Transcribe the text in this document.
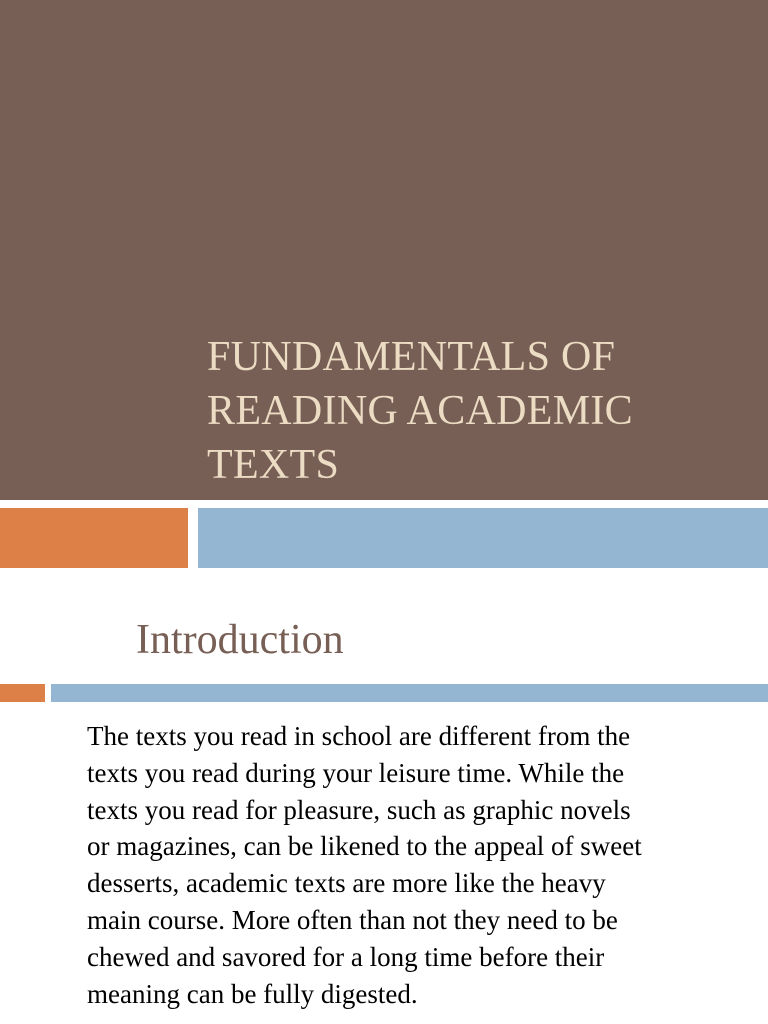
FUNDAMENTALS OF
READING ACADEMIC
TEXTS
Introduction

The texts you read in school are different from the
texts you read during your leisure time. While the
texts you read for pleasure, such as graphic novels
or magazines, can be likened to the appeal of sweet
desserts, academic texts are more like the heavy
main course. More often than not they need to be
chewed and savored for a long time before their
meaning can be fully digested.
